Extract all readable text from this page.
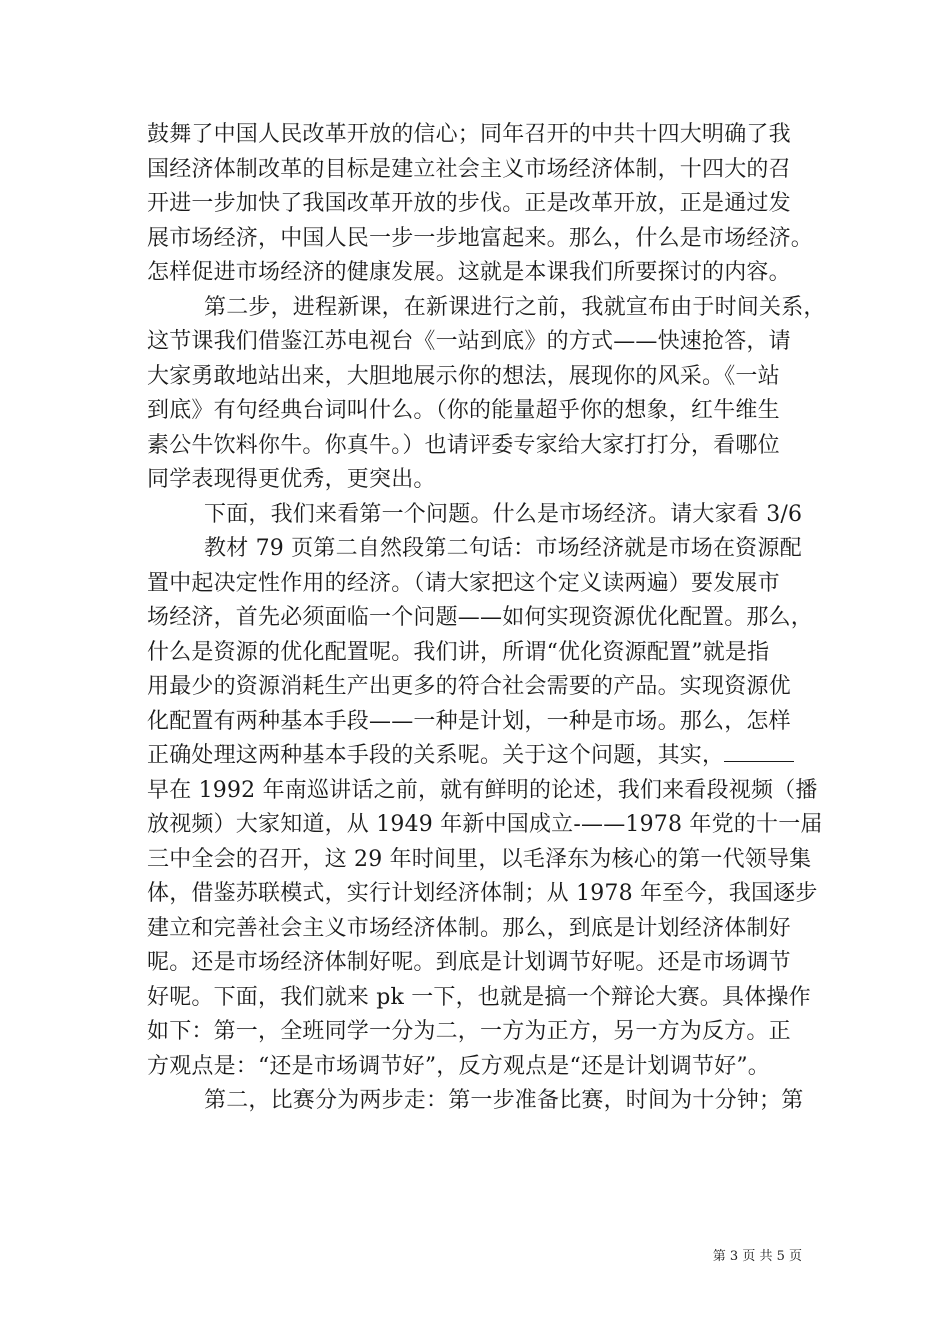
鼓舞了中国人民改革开放的信心；同年召开的中共十四大明确了我
国经济体制改革的目标是建立社会主义市场经济体制，十四大的召
开进一步加快了我国改革开放的步伐。正是改革开放，正是通过发
展市场经济，中国人民一步一步地富起来。那么，什么是市场经济。
怎样促进市场经济的健康发展。这就是本课我们所要探讨的内容。
第二步，进程新课，在新课进行之前，我就宣布由于时间关系，
这节课我们借鉴江苏电视台《一站到底》的方式——快速抢答，请
大家勇敢地站出来，大胆地展示你的想法，展现你的风采。《一站
到底》有句经典台词叫什么。（你的能量超乎你的想象，红牛维生
素公牛饮料你牛。你真牛。）也请评委专家给大家打打分，看哪位
同学表现得更优秀，更突出。
下面，我们来看第一个问题。什么是市场经济。请大家看 3/6
教材 79 页第二自然段第二句话：市场经济就是市场在资源配
置中起决定性作用的经济。（请大家把这个定义读两遍）要发展市
场经济，首先必须面临一个问题——如何实现资源优化配置。那么，
什么是资源的优化配置呢。我们讲，所谓“优化资源配置”就是指
用最少的资源消耗生产出更多的符合社会需要的产品。实现资源优
化配置有两种基本手段——一种是计划，一种是市场。那么，怎样
正确处理这两种基本手段的关系呢。关于这个问题，其实，
早在 1992 年南巡讲话之前，就有鲜明的论述，我们来看段视频（播
放视频）大家知道，从 1949 年新中国成立-——1978 年党的十一届
三中全会的召开，这 29 年时间里，以毛泽东为核心的第一代领导集
体，借鉴苏联模式，实行计划经济体制；从 1978 年至今，我国逐步
建立和完善社会主义市场经济体制。那么，到底是计划经济体制好
呢。还是市场经济体制好呢。到底是计划调节好呢。还是市场调节
好呢。下面，我们就来 pk 一下，也就是搞一个辩论大赛。具体操作
如下：第一，全班同学一分为二，一方为正方，另一方为反方。正
方观点是：“还是市场调节好”，反方观点是“还是计划调节好”。
第二，比赛分为两步走：第一步准备比赛，时间为十分钟；第
第 3 页 共 5 页
